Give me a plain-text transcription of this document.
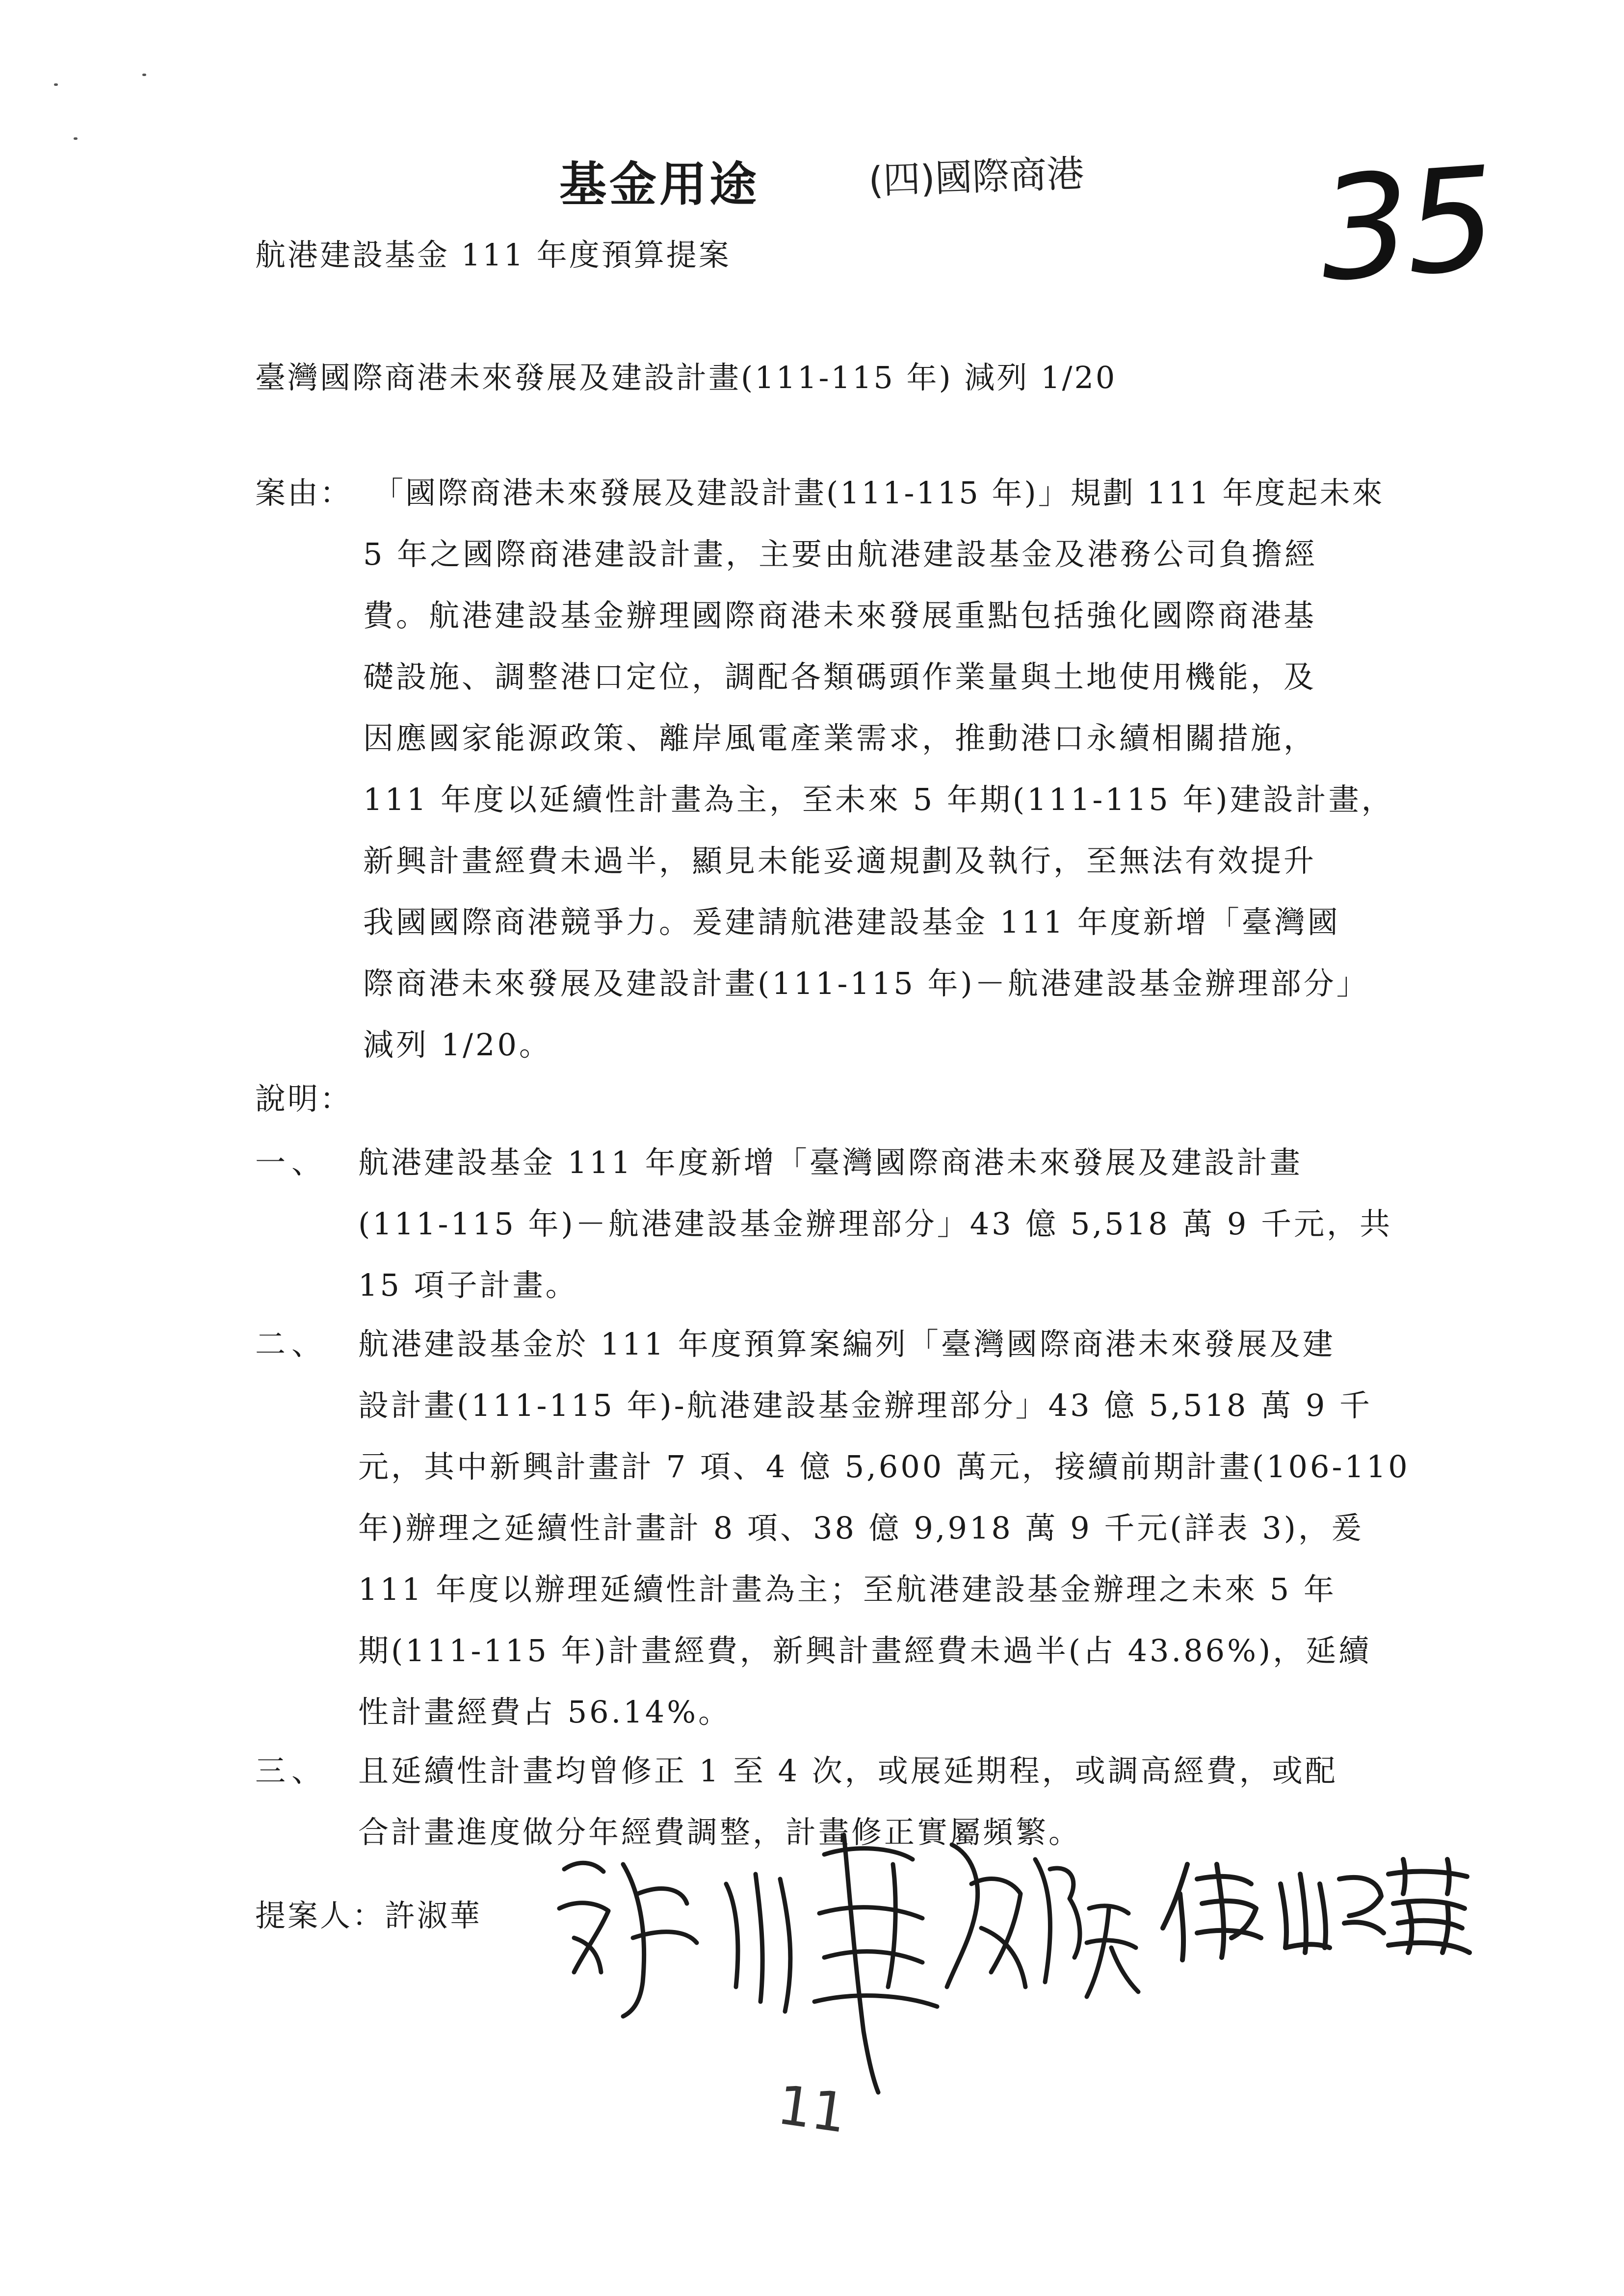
基金用途	(四)國際商港 35
航港建設基金 111 年度預算提案
臺灣國際商港未來發展及建設計畫(111-115 年) 減列 1/20
案由： 「國際商港未來發展及建設計畫(111-115 年)」規劃 111 年度起未來
5 年之國際商港建設計畫，主要由航港建設基金及港務公司負擔經
費。航港建設基金辦理國際商港未來發展重點包括強化國際商港基
礎設施、調整港口定位，調配各類碼頭作業量與土地使用機能，及
因應國家能源政策、離岸風電產業需求，推動港口永續相關措施，
111 年度以延續性計畫為主，至未來 5 年期(111-115 年)建設計畫，
新興計畫經費未過半，顯見未能妥適規劃及執行，至無法有效提升
我國國際商港競爭力。爰建請航港建設基金 111 年度新增「臺灣國
際商港未來發展及建設計畫(111-115 年)－航港建設基金辦理部分」
減列 1/20。
說明：
一、 航港建設基金 111 年度新增「臺灣國際商港未來發展及建設計畫
(111-115 年)－航港建設基金辦理部分」43 億 5,518 萬 9 千元，共
15 項子計畫。
二、 航港建設基金於 111 年度預算案編列「臺灣國際商港未來發展及建
設計畫(111-115 年)-航港建設基金辦理部分」43 億 5,518 萬 9 千
元，其中新興計畫計 7 項、4 億 5,600 萬元，接續前期計畫(106-110
年)辦理之延續性計畫計 8 項、38 億 9,918 萬 9 千元(詳表 3)，爰
111 年度以辦理延續性計畫為主；至航港建設基金辦理之未來 5 年
期(111-115 年)計畫經費，新興計畫經費未過半(占 43.86%)，延續
性計畫經費占 56.14%。
三、 且延續性計畫均曾修正 1 至 4 次，或展延期程，或調高經費，或配
合計畫進度做分年經費調整，計畫修正實屬頻繁。
提案人：許淑華
11
